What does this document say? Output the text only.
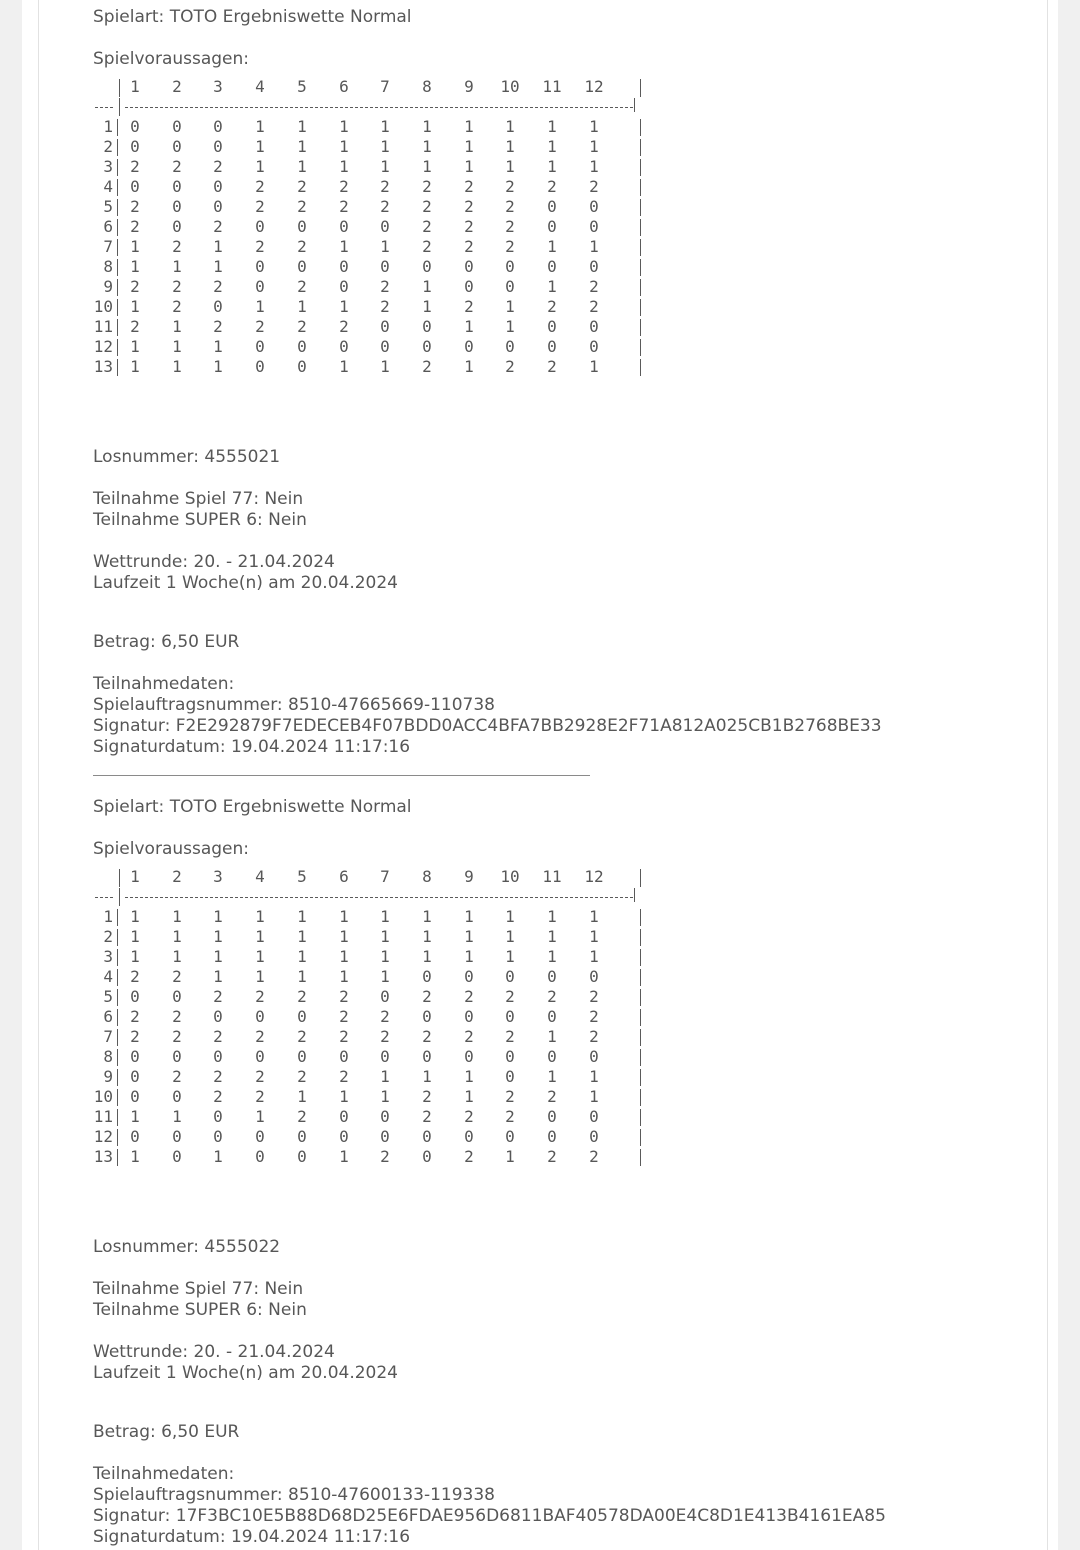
Spielart: TOTO Ergebniswette Normal
Spielvoraussagen:
1	2	3	4	5	6	7	8	9	10	11	12
1	0	0	0	1	1	1	1	1	1	1	1	1
2	0	0	0	1	1	1	1	1	1	1	1	1
3	2	2	2	1	1	1	1	1	1	1	1	1
4	0	0	0	2	2	2	2	2	2	2	2	2
5	2	0	0	2	2	2	2	2	2	2	0	0
6	2	0	2	0	0	0	0	2	2	2	0	0
7	1	2	1	2	2	1	1	2	2	2	1	1
8	1	1	1	0	0	0	0	0	0	0	0	0
9	2	2	2	0	2	0	2	1	0	0	1	2
10	1	2	0	1	1	1	2	1	2	1	2	2
11	2	1	2	2	2	2	0	0	1	1	0	0
12	1	1	1	0	0	0	0	0	0	0	0	0
13	1	1	1	0	0	1	1	2	1	2	2	1
Losnummer: 4555021
Teilnahme Spiel 77: Nein
Teilnahme SUPER 6: Nein
Wettrunde: 20. - 21.04.2024
Laufzeit 1 Woche(n) am 20.04.2024
Betrag: 6,50 EUR
Teilnahmedaten:
Spielauftragsnummer: 8510-47665669-110738
Signatur: F2E292879F7EDECEB4F07BDD0ACC4BFA7BB2928E2F71A812A025CB1B2768BE33
Signaturdatum: 19.04.2024 11:17:16
Spielart: TOTO Ergebniswette Normal
Spielvoraussagen:
1	2	3	4	5	6	7	8	9	10	11	12
1	1	1	1	1	1	1	1	1	1	1	1	1
2	1	1	1	1	1	1	1	1	1	1	1	1
3	1	1	1	1	1	1	1	1	1	1	1	1
4	2	2	1	1	1	1	1	0	0	0	0	0
5	0	0	2	2	2	2	0	2	2	2	2	2
6	2	2	0	0	0	2	2	0	0	0	0	2
7	2	2	2	2	2	2	2	2	2	2	1	2
8	0	0	0	0	0	0	0	0	0	0	0	0
9	0	2	2	2	2	2	1	1	1	0	1	1
10	0	0	2	2	1	1	1	2	1	2	2	1
11	1	1	0	1	2	0	0	2	2	2	0	0
12	0	0	0	0	0	0	0	0	0	0	0	0
13	1	0	1	0	0	1	2	0	2	1	2	2
Losnummer: 4555022
Teilnahme Spiel 77: Nein
Teilnahme SUPER 6: Nein
Wettrunde: 20. - 21.04.2024
Laufzeit 1 Woche(n) am 20.04.2024
Betrag: 6,50 EUR
Teilnahmedaten:
Spielauftragsnummer: 8510-47600133-119338
Signatur: 17F3BC10E5B88D68D25E6FDAE956D6811BAF40578DA00E4C8D1E413B4161EA85
Signaturdatum: 19.04.2024 11:17:16
